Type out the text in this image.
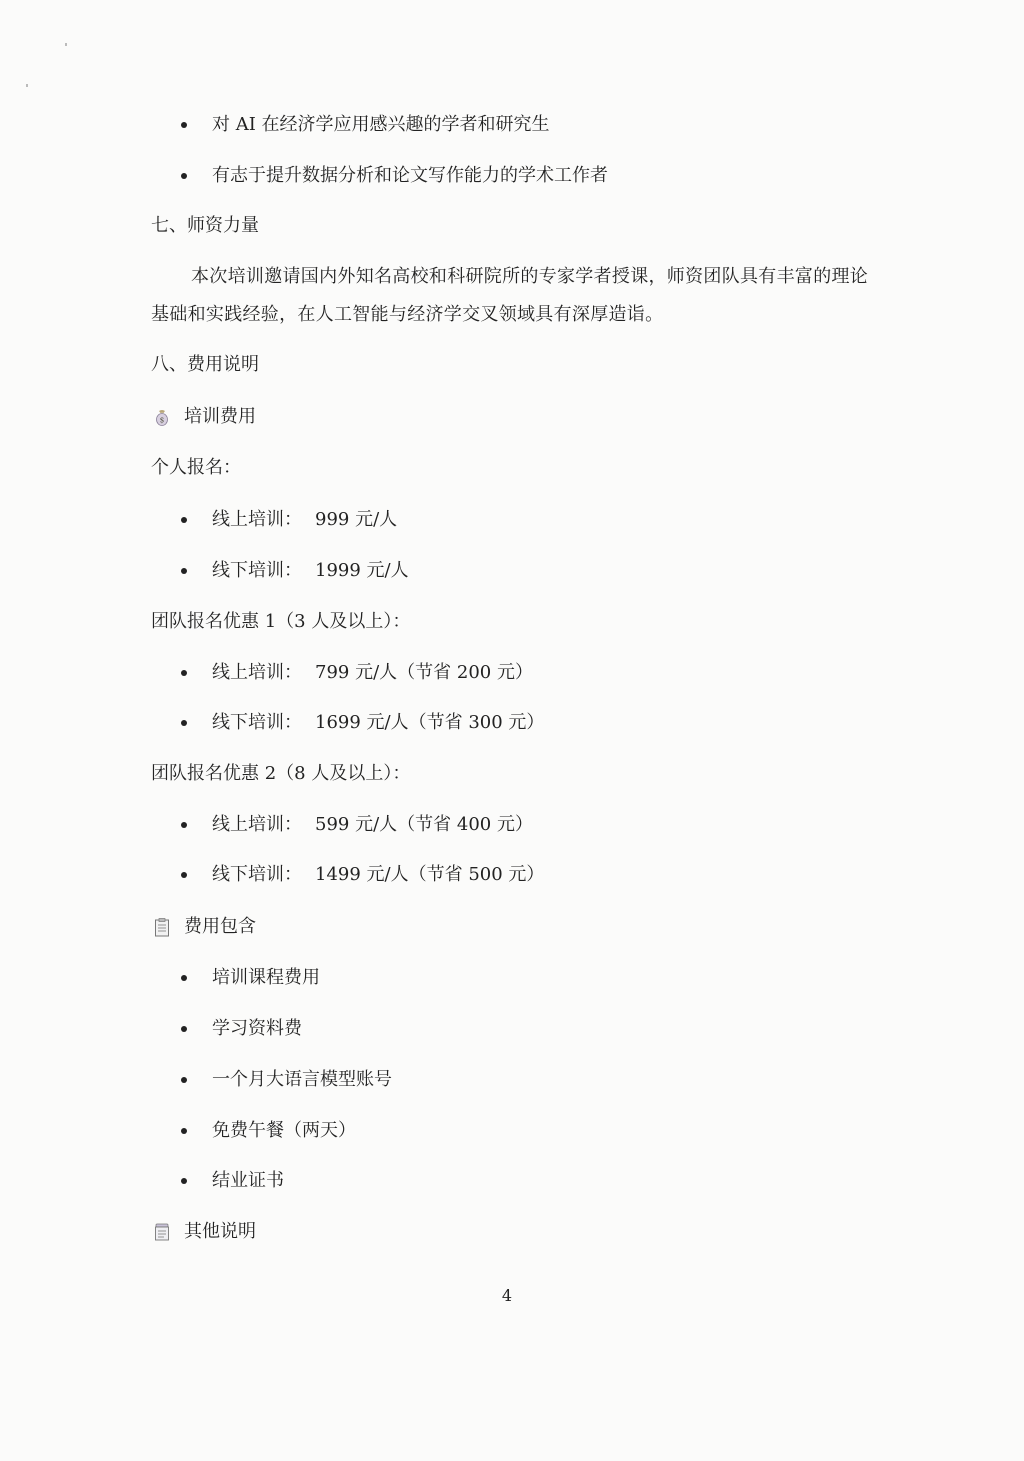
对 AI 在经济学应用感兴趣的学者和研究生
有志于提升数据分析和论文写作能力的学术工作者
七、师资力量
本次培训邀请国内外知名高校和科研院所的专家学者授课，师资团队具有丰富的理论基础和实践经验，在人工智能与经济学交叉领域具有深厚造诣。
八、费用说明
$ 培训费用
个人报名：
线上培训： 999 元/人
线下培训： 1999 元/人
团队报名优惠 1（3 人及以上）：
线上培训： 799 元/人（节省 200 元）
线下培训： 1699 元/人（节省 300 元）
团队报名优惠 2（8 人及以上）：
线上培训： 599 元/人（节省 400 元）
线下培训： 1499 元/人（节省 500 元）
费用包含
培训课程费用
学习资料费
一个月大语言模型账号
免费午餐（两天）
结业证书
其他说明
4
